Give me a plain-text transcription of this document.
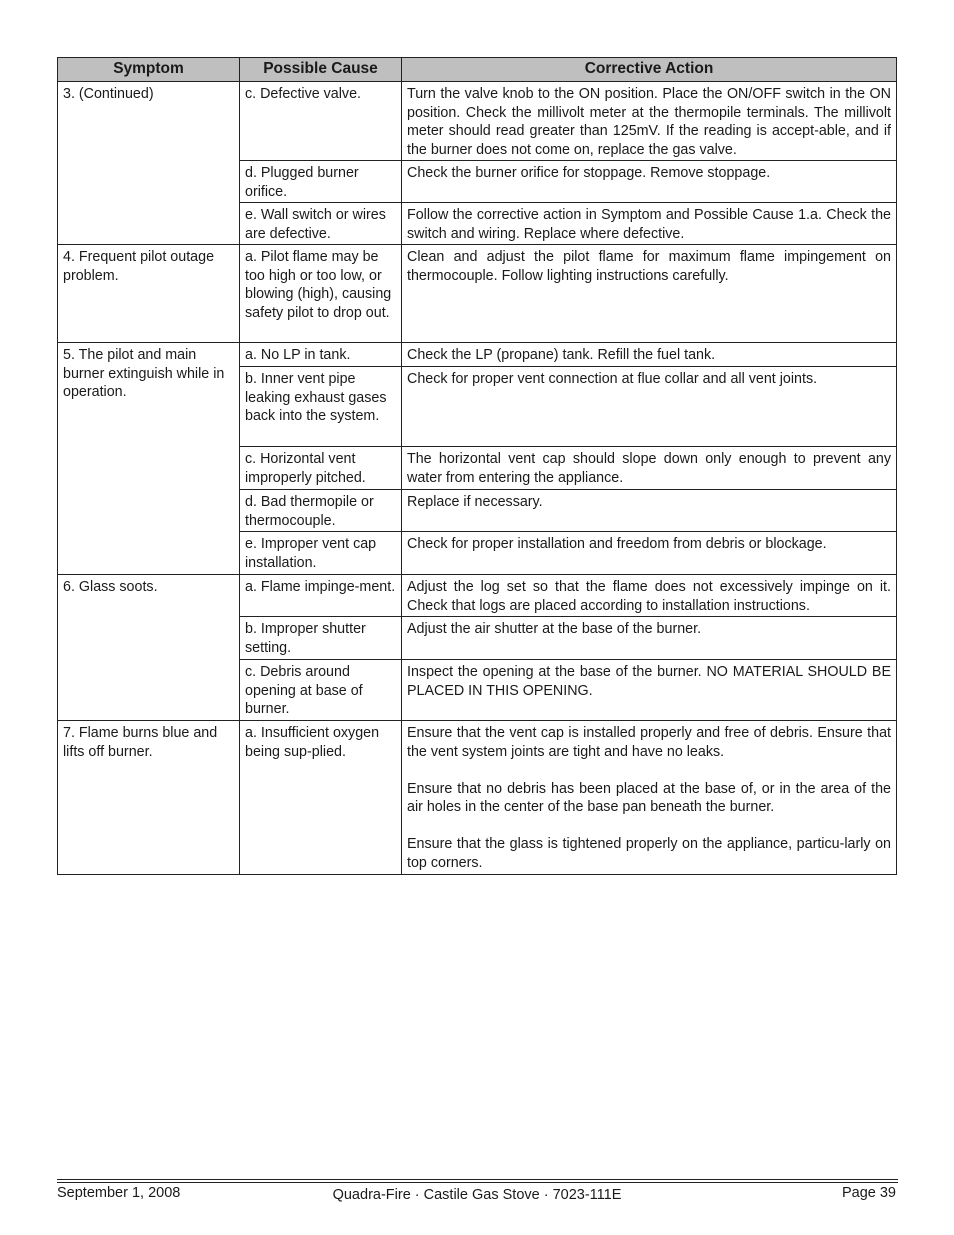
Symptom	Possible Cause	Corrective Action
3. (Continued)	c. Defective valve.	Turn the valve knob to the ON position. Place the ON/OFF switch in the ON position. Check the millivolt meter at the thermopile terminals. The millivolt meter should read greater than 125mV. If the reading is accept-able, and if the burner does not come on, replace the gas valve.

	d. Plugged burner orifice.	Check the burner orifice for stoppage. Remove stoppage.

	e. Wall switch or wires are defective.	Follow the corrective action in Symptom and Possible Cause 1.a. Check the switch and wiring. Replace where defective.

4. Frequent pilot outage problem.	a. Pilot flame may be too high or too low, or blowing (high), causing safety pilot to drop out.	Clean and adjust the pilot flame for maximum flame impingement on thermocouple. Follow lighting instructions carefully.

5. The pilot and main burner extinguish while in operation.	a. No LP in tank.	Check the LP (propane) tank. Refill the fuel tank.

	b. Inner vent pipe leaking exhaust gases back into the system.	Check for proper vent connection at flue collar and all vent joints.

	c. Horizontal vent improperly pitched.	The horizontal vent cap should slope down only enough to prevent any water from entering the appliance.

	d. Bad thermopile or thermocouple.	Replace if necessary.

	e. Improper vent cap installation.	Check for proper installation and freedom from debris or blockage.

6. Glass soots.	a. Flame impinge-ment.	Adjust the log set so that the flame does not excessively impinge on it. Check that logs are placed according to installation instructions.

	b. Improper shutter setting.	Adjust the air shutter at the base of the burner.

	c. Debris around opening at base of burner.	Inspect the opening at the base of the burner. NO MATERIAL SHOULD BE PLACED IN THIS OPENING.

7. Flame burns blue and lifts off burner.	a. Insufficient oxygen being sup-plied.	Ensure that the vent cap is installed properly and free of debris. Ensure that the vent system joints are tight and have no leaks.

Ensure that no debris has been placed at the base of, or in the area of the air holes in the center of the base pan beneath the burner.

Ensure that the glass is tightened properly on the appliance, particu-larly on top corners.

September 1, 2008	Quadra-Fire · Castile Gas Stove · 7023-111E	Page 39
